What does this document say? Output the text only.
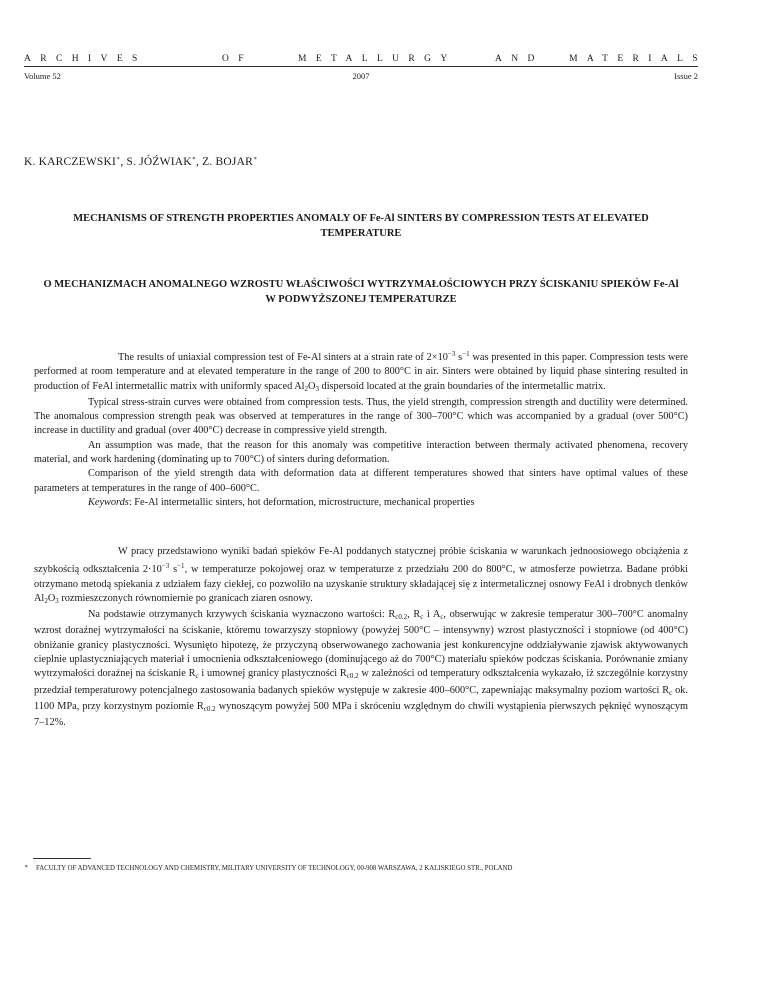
ARCHIVES	OF	METALLURGY	AND	MATERIALS
Volume 52	2007	Issue 2
K. KARCZEWSKI∗, S. JÓŹWIAK∗, Z. BOJAR∗
MECHANISMS OF STRENGTH PROPERTIES ANOMALY OF Fe-Al SINTERS BY COMPRESSION TESTS AT ELEVATED TEMPERATURE
O MECHANIZMACH ANOMALNEGO WZROSTU WŁAŚCIWOŚCI WYTRZYMAŁOŚCIOWYCH PRZY ŚCISKANIU SPIEKÓW Fe-Al W PODWYŻSZONEJ TEMPERATURZE

The results of uniaxial compression test of Fe-Al sinters at a strain rate of $2\times 10^{-3}$ $s^{-1}$ was presented in this paper. Compression tests were performed at room temperature and at elevated temperature in the range of 200 to 800°C in air. Sinters were obtained by liquid phase sintering resulted in production of FeAl intermetallic matrix with uniformly spaced $Al_2O_3$ dispersoid located at the grain boundaries of the intermetallic matrix.

Typical stress-strain curves were obtained from compression tests. Thus, the yield strength, compression strength and ductility were determined. The anomalous compression strength peak was observed at temperatures in the range of 300–700°C which was accompanied by a gradual (over 500°C) increase in ductility and gradual (over 400°C) decrease in compressive yield strength.

An assumption was made, that the reason for this anomaly was competitive interaction between thermaly activated phenomena, recovery material, and work hardening (dominating up to 700°C) of sinters during deformation.

Comparison of the yield strength data with deformation data at different temperatures showed that sinters have optimal values of these parameters at temperatures in the range of 400–600°C.

Keywords: Fe-Al intermetallic sinters, hot deformation, microstructure, mechanical properties

W pracy przedstawiono wyniki badań spieków Fe-Al poddanych statycznej próbie ściskania w warunkach jednoosiowego obciążenia z szybkością odkształcenia $2\cdot 10^{-3}$ $s^{-1}$, w temperaturze pokojowej oraz w temperaturze z przedziału 200 do 800°C, w atmosferze powietrza. Badane próbki otrzymano metodą spiekania z udziałem fazy ciekłej, co pozwoliło na uzyskanie struktury składającej się z intermetalicznej osnowy FeAl i drobnych tlenków $Al_2O_3$ rozmieszczonych równomiernie po granicach ziaren osnowy.

Na podstawie otrzymanych krzywych ściskania wyznaczono wartości: $R_{c0.2}$, $R_c$ i $A_c$, obserwując w zakresie temperatur 300–700°C anomalny wzrost doraźnej wytrzymałości na ściskanie, któremu towarzyszy stopniowy (powyżej 500°C – intensywny) wzrost plastyczności i stopniowe (od 400°C) obniżanie granicy plastyczności. Wysunięto hipotezę, że przyczyną obserwowanego zachowania jest konkurencyjne oddziaływanie zjawisk aktywowanych cieplnie uplastyczniających materiał i umocnienia odkształceniowego (dominującego aż do 700°C) materiału spieków podczas ściskania. Porównanie zmiany wytrzymałości doraźnej na ściskanie $R_c$ i umownej granicy plastyczności $R_{c0.2}$ w zależności od temperatury odkształcenia wykazało, iż szczególnie korzystny przedział temperaturowy potencjalnego zastosowania badanych spieków występuje w zakresie 400–600°C, zapewniając maksymalny poziom wartości $R_c$ ok. 1100 MPa, przy korzystnym poziomie $R_{c0.2}$ wynoszącym powyżej 500 MPa i skróceniu względnym do chwili wystąpienia pierwszych pęknięć wynoszącym 7–12%.

∗ FACULTY OF ADVANCED TECHNOLOGY AND CHEMISTRY, MILITARY UNIVERSITY OF TECHNOLOGY, 00-908 WARSZAWA, 2 KALISKIEGO STR., POLAND
